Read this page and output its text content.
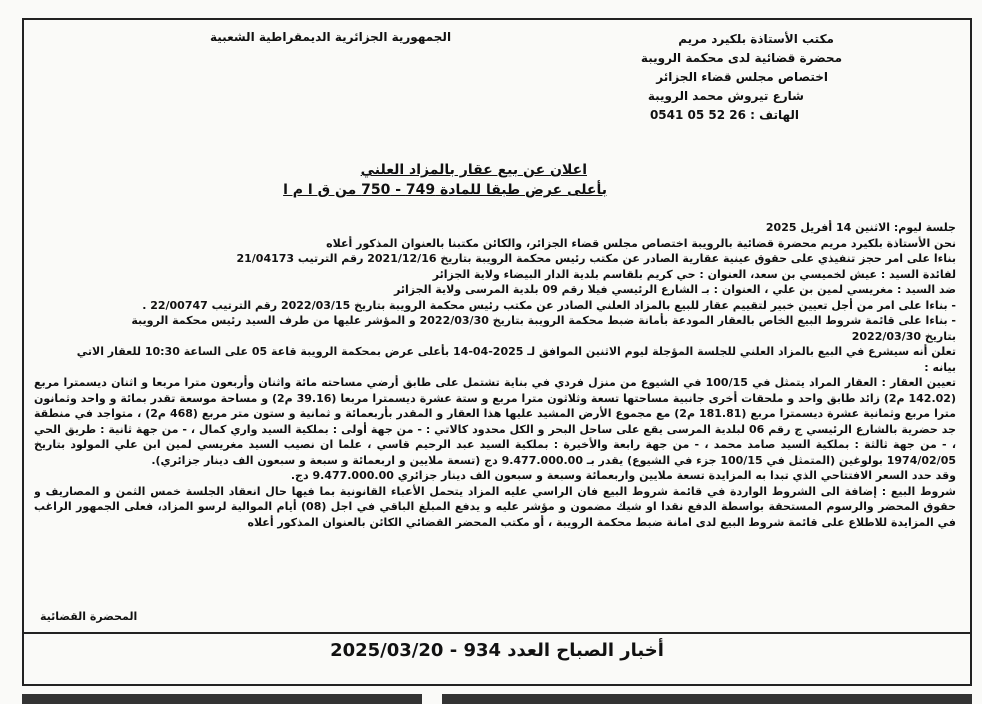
الجمهورية الجزائرية الديمقراطية الشعبية	مكتب الأستاذة بلكيرد مريم
محضرة قضائية لدى محكمة الرويبة
اختصاص مجلس قضاء الجزائر
شارع تيروش محمد الرويبة
الهاتف : 0541 05 52 26
اعلان عن بيع عقار بالمزاد العلني
بأعلى عرض طبقا للمادة 749 - 750 من ق ا م ا

جلسة ليوم: الاثنين 14 أفريل 2025

نحن الأستاذة بلكيرد مريم محضرة قضائية بالرويبة اختصاص مجلس قضاء الجزائر، والكائن مكتبنا بالعنوان المذكور أعلاه

بناءا على امر حجز تنفيذي على حقوق عينية عقارية الصادر عن مكتب رئيس محكمة الرويبة بتاريخ 2021/12/16 رقم الترتيب 21/04173

لفائدة السيد : عيش لخميسي بن سعد، العنوان : حي كريم بلقاسم بلدية الدار البيضاء ولاية الجزائر

ضد السيد : مغريسي لمين بن علي ، العنوان : بـ الشارع الرئيسي فيلا رقم 09 بلدية المرسى ولاية الجزائر

- بناءا على امر من أجل تعيين خبير لتقييم عقار للبيع بالمزاد العلني الصادر عن مكتب رئيس محكمة الرويبة بتاريخ 2022/03/15 رقم الترتيب 22/00747 .

- بناءا على قائمة شروط البيع الخاص بالعقار المودعة بأمانة ضبط محكمة الرويبة بتاريخ 2022/03/30 و المؤشر عليها من طرف السيد رئيس محكمة الرويبة

بتاريخ 2022/03/30

تعلن أنه سيشرع في البيع بالمزاد العلني للجلسة المؤجلة ليوم الاثنين الموافق لـ 2025-04-14 بأعلى عرض بمحكمة الرويبة قاعة 05 على الساعة 10:30 للعقار الاتي

بيانه :

تعيين العقار : العقار المراد يتمثل في 100/15 في الشيوع من منزل فردي في بناية تشتمل على طابق أرضي مساحته مائة واثنان وأربعون مترا مربعا و اثنان ديسمترا مربع (142.02 م2) زائد طابق واحد و ملحقات أخرى جانبية مساحتها تسعة وثلاثون مترا مربع و ستة عشرة ديسمترا مربعا (39.16 م2) و مساحة موسعة تقدر بمائة و واحد وثمانون مترا مربع وثمانية عشرة ديسمترا مربع (181.81 م2) مع مجموع الأرض المشيد عليها هذا العقار و المقدر بأربعمائة و ثمانية و ستون متر مربع (468 م2) ، متواجد في منطقة جد حضرية بالشارع الرئيسي ج رقم 06 لبلدية المرسى يقع على ساحل البحر و الكل محدود كالاتي : - من جهة أولى : بملكية السيد واري كمال ، - من جهة ثانية : طريق الحي ، - من جهة ثالثة : بملكية السيد صامد محمد ، - من جهة رابعة والأخيرة : بملكية السيد عبد الرحيم قاسي ، علما ان نصيب السيد مغريسي لمين ابن علي المولود بتاريخ 1974/02/05 بولوغين (المتمثل في 100/15 جزء في الشيوع) يقدر بـ 9.477.000.00 دج (تسعة ملايين و اربعمائة و سبعة و سبعون الف دينار جزائري).

وقد حدد السعر الافتتاحي الذي تبدا به المزايدة تسعة ملايين واربعمائة وسبعة و سبعون الف دينار جزائري 9.477.000.00 دج.

شروط البيع : إضافة الى الشروط الواردة في قائمة شروط البيع فان الراسي عليه المزاد يتحمل الأعباء القانونية بما فيها حال انعقاد الجلسة خمس الثمن و المصاريف و حقوق المحضر والرسوم المستحقة بواسطة الدفع نقدا او شيك مضمون و مؤشر عليه و يدفع المبلغ الباقي في اجل (08) أيام الموالية لرسو المزاد، فعلى الجمهور الراغب في المزايدة للاطلاع على قائمة شروط البيع لدى امانة ضبط محكمة الرويبة ، أو مكتب المحضر القضائي الكائن بالعنوان المذكور أعلاه

المحضرة القضائية
أخبار الصباح العدد 934 - 2025/03/20
